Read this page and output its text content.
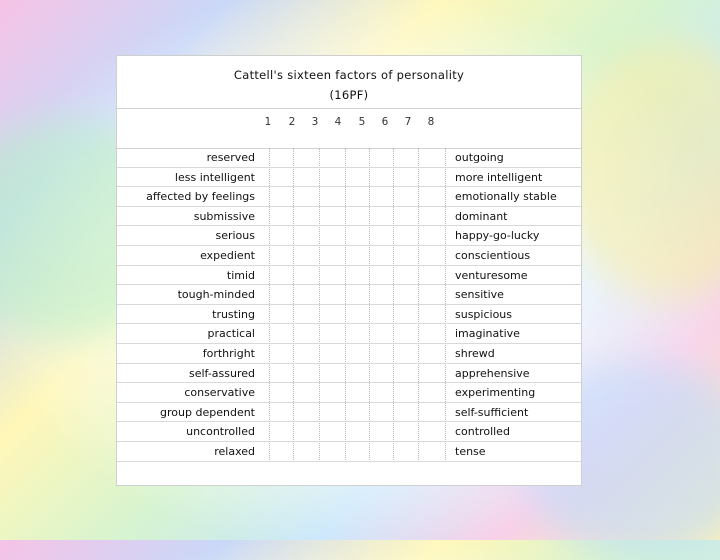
Cattell's sixteen factors of personality
(16PF)
1 2 3 4 5 6 7 8
reserved	outgoing
less intelligent	more intelligent
affected by feelings	emotionally stable
submissive	dominant
serious	happy-go-lucky
expedient	conscientious
timid	venturesome
tough-minded	sensitive
trusting	suspicious
practical	imaginative
forthright	shrewd
self-assured	apprehensive
conservative	experimenting
group dependent	self-sufficient
uncontrolled	controlled
relaxed	tense
